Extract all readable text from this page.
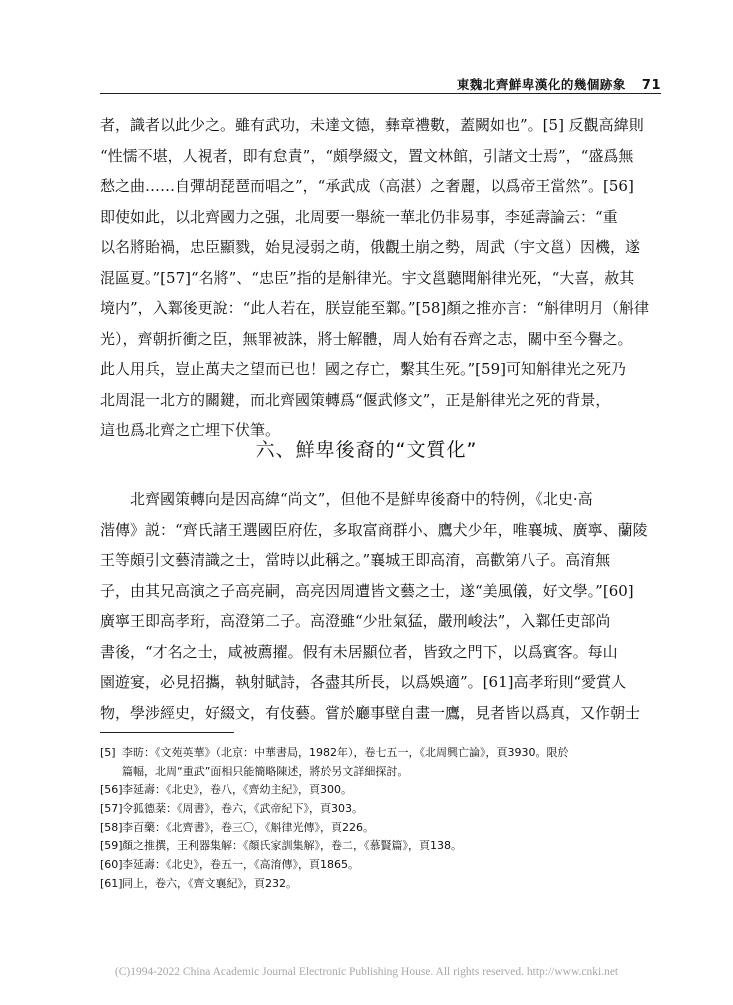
東魏北齊鮮卑漢化的幾個跡象 71
者，識者以此少之。雖有武功，未達文德，彝章禮數，蓋闕如也”。[5] 反觀高緯則
“性懦不堪，人視者，即有怠責”，“頗學綴文，置文林館，引諸文士焉”，“盛爲無
愁之曲……自彈胡琵琶而唱之”，“承武成（高湛）之奢麗，以爲帝王當然”。[56]
即使如此，以北齊國力之强，北周要一舉統一華北仍非易事，李延壽論云：“重
以名將貽禍，忠臣顯戮，始見浸弱之萌，俄觀土崩之勢，周武（宇文邕）因機，遂
混區夏。”[57]“名將”、“忠臣”指的是斛律光。宇文邕聽聞斛律光死，“大喜，赦其
境内”，入鄴後更說：“此人若在，朕豈能至鄴。”[58]顏之推亦言：“斛律明月（斛律
光），齊朝折衝之臣，無罪被誅，將士解體，周人始有吞齊之志，關中至今譽之。
此人用兵，豈止萬夫之望而已也！國之存亡，繫其生死。”[59]可知斛律光之死乃
北周混一北方的關鍵，而北齊國策轉爲“偃武修文”，正是斛律光之死的背景，
這也爲北齊之亡埋下伏筆。
六、鮮卑後裔的“文質化”
　　北齊國策轉向是因高緯“尚文”，但他不是鮮卑後裔中的特例，《北史·高
湝傳》説：“齊氏諸王選國臣府佐，多取富商群小、鷹犬少年，唯襄城、廣寧、蘭陵
王等頗引文藝清識之士，當時以此稱之。”襄城王即高淯，高歡第八子。高淯無
子，由其兄高演之子高亮嗣，高亮因周遭皆文藝之士，遂“美風儀，好文學。”[60]
廣寧王即高孝珩，高澄第二子。高澄雖“少壯氣猛，嚴刑峻法”，入鄴任吏部尚
書後，“才名之士，咸被薦擢。假有未居顯位者，皆致之門下，以爲賓客。每山
園遊宴，必見招攜，執射賦詩，各盡其所長，以爲娛適”。[61]高孝珩則“愛賞人
物，學涉經史，好綴文，有伎藝。嘗於廳事壁自畫一鷹，見者皆以爲真，又作朝士
[5] 李昉：《文苑英華》（北京：中華書局，1982年），卷七五一，《北周興亡論》，頁3930。限於
篇幅，北周“重武”面相只能簡略陳述，將於另文詳細探討。
[56]李延壽：《北史》，卷八，《齊幼主紀》，頁300。
[57]令狐德棻：《周書》，卷六，《武帝紀下》，頁303。
[58]李百藥：《北齊書》，卷三〇，《斛律光傳》，頁226。
[59]顏之推撰，王利器集解：《顏氏家訓集解》，卷二，《慕賢篇》，頁138。
[60]李延壽：《北史》，卷五一，《高淯傳》，頁1865。
[61]同上，卷六，《齊文襄紀》，頁232。
(C)1994-2022 China Academic Journal Electronic Publishing House. All rights reserved. http://www.cnki.net
